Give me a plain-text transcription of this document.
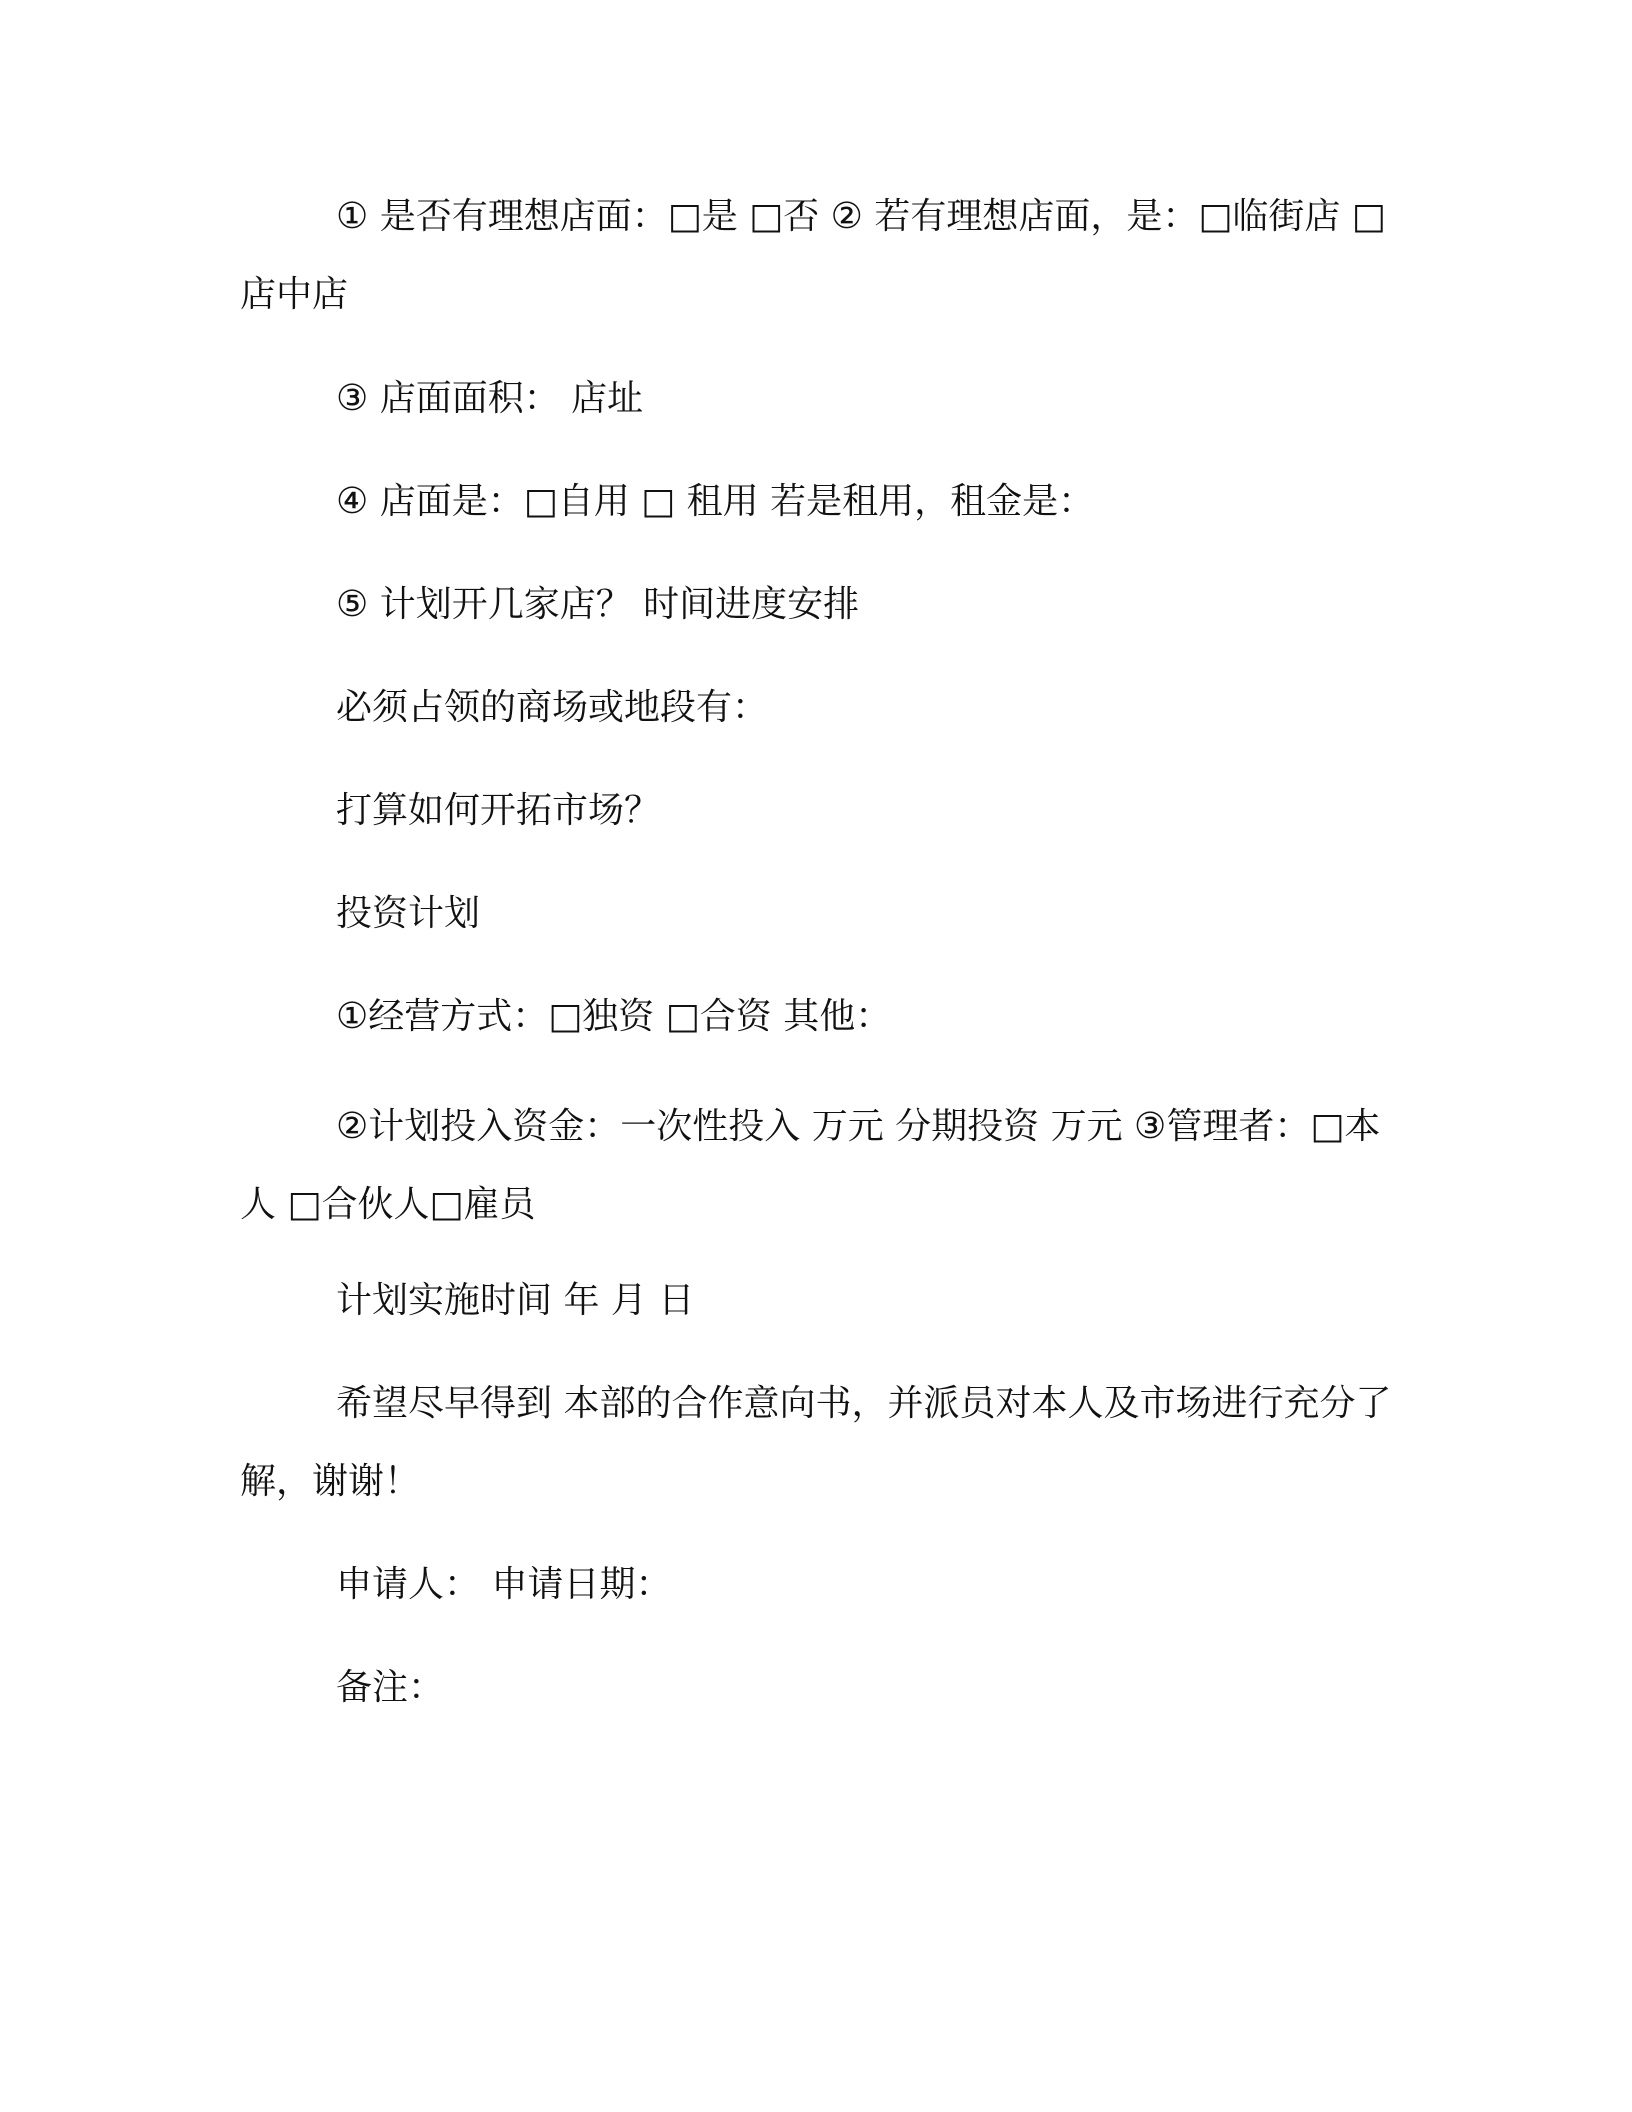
① 是否有理想店面：□是 □否 ② 若有理想店面，是：□临街店 □店中店

③ 店面面积： 店址

④ 店面是：□自用 □ 租用 若是租用，租金是：

⑤ 计划开几家店？ 时间进度安排

必须占领的商场或地段有：

打算如何开拓市场？

投资计划

①经营方式：□独资 □合资 其他：

②计划投入资金：一次性投入 万元 分期投资 万元 ③管理者：□本人 □合伙人□雇员

计划实施时间 年 月 日

希望尽早得到 本部的合作意向书，并派员对本人及市场进行充分了解，谢谢！

申请人： 申请日期：

备注：
